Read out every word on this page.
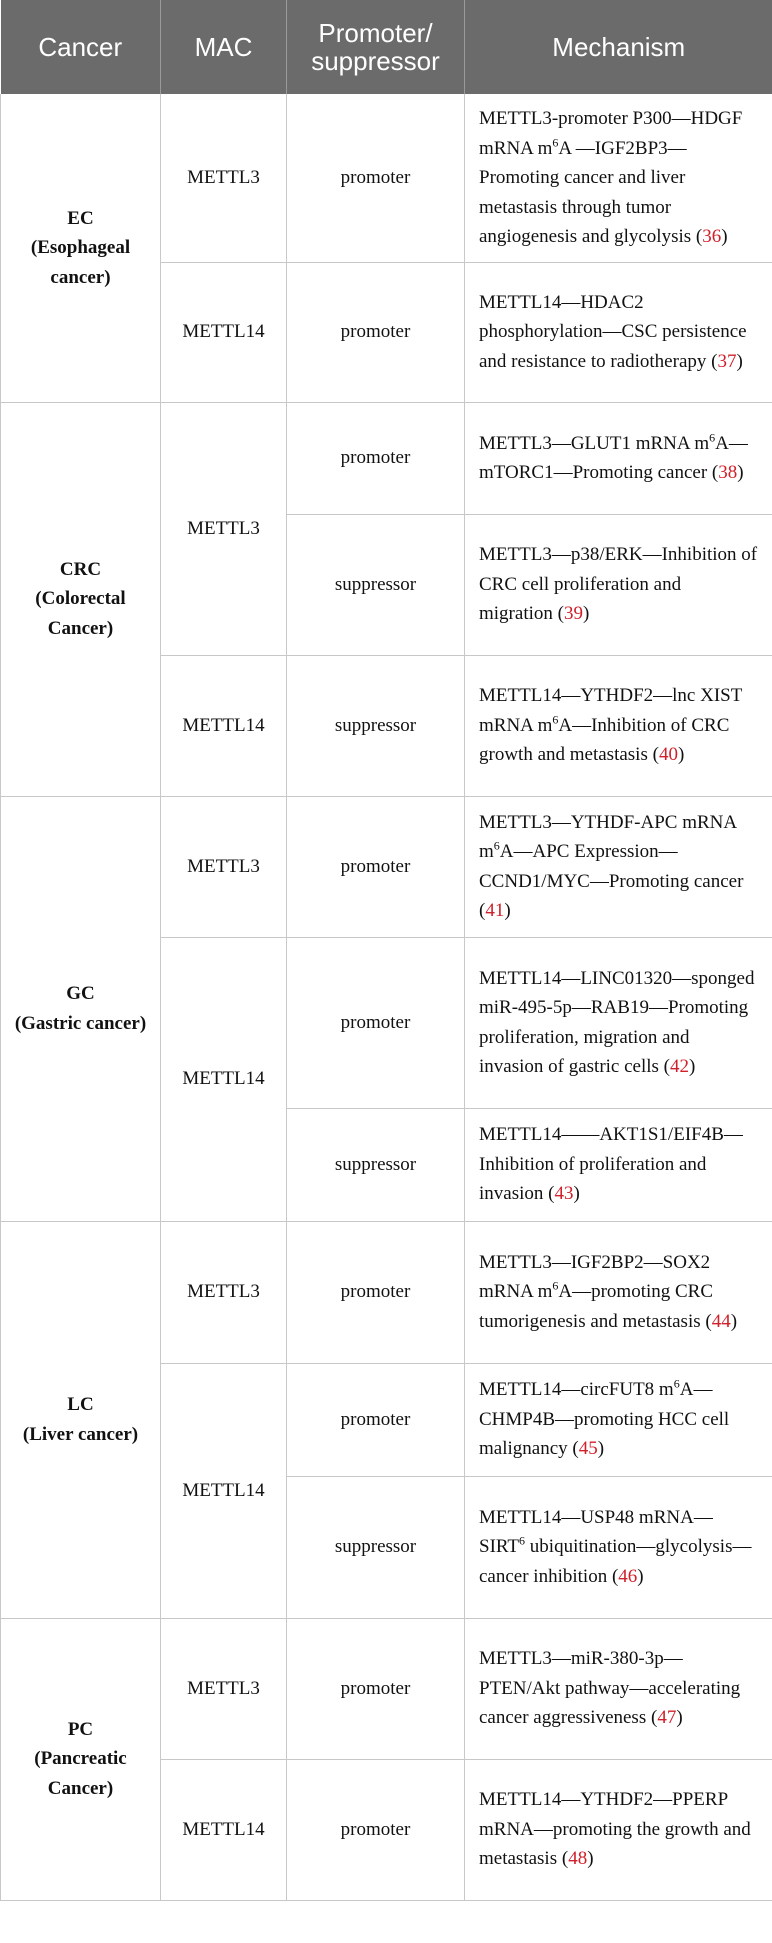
Cancer	MAC	Promoter/ suppressor	Mechanism

EC
(Esophageal cancer)	METTL3	promoter	METTL3-promoter P300—HDGF mRNA $m^6A$ —IGF2BP3—Promoting cancer and liver metastasis through tumor angiogenesis and glycolysis (36)
	METTL14	promoter	METTL14—HDAC2 phosphorylation—CSC persistence and resistance to radiotherapy (37)

CRC
(Colorectal Cancer)	METTL3	promoter	METTL3—GLUT1 mRNA $m^6A—mTORC1—Promoting$ cancer (38)
		suppressor	METTL3—p38/ERK—Inhibition of CRC cell proliferation and migration (39)
	METTL14	suppressor	METTL14—YTHDF2—lnc XIST mRNA $m^6A—Inhibition$ of CRC growth and metastasis (40)

GC
(Gastric cancer)	METTL3	promoter	METTL3—YTHDF-APC mRNA $m^6A—APC$ Expression—CCND1/MYC—Promoting cancer (41)
	METTL14	promoter	METTL14—LINC01320—sponged miR-495-5p—RAB19—Promoting proliferation, migration and invasion of gastric cells (42)
		suppressor	METTL14——AKT1S1/EIF4B—Inhibition of proliferation and invasion (43)

LC
(Liver cancer)	METTL3	promoter	METTL3—IGF2BP2—SOX2 mRNA $m^6A—promoting$ CRC tumorigenesis and metastasis (44)
	METTL14	promoter	METTL14—circFUT8 $m^6A—CHMP4B—promoting$ HCC cell malignancy (45)
		suppressor	METTL14—USP48 mRNA—SIRT$^6$ ubiquitination—glycolysis—cancer inhibition (46)

PC
(Pancreatic Cancer)	METTL3	promoter	METTL3—miR-380-3p—PTEN/Akt pathway—accelerating cancer aggressiveness (47)
	METTL14	promoter	METTL14—YTHDF2—PPERP mRNA—promoting the growth and metastasis (48)
